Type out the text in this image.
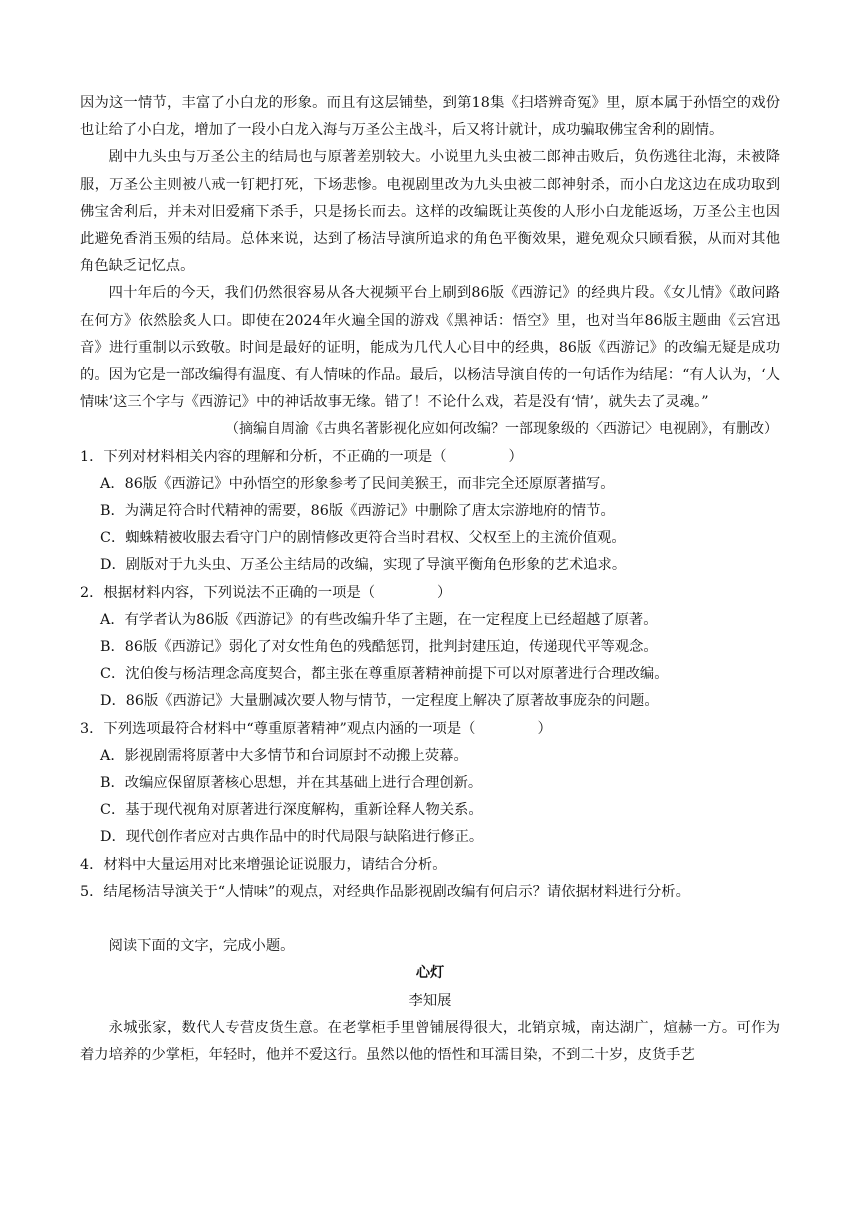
因为这一情节，丰富了小白龙的形象。而且有这层铺垫，到第18集《扫塔辨奇冤》里，原本属于孙悟空的戏份也让给了小白龙，增加了一段小白龙入海与万圣公主战斗，后又将计就计，成功骗取佛宝舍利的剧情。

剧中九头虫与万圣公主的结局也与原著差别较大。小说里九头虫被二郎神击败后，负伤逃往北海，未被降服，万圣公主则被八戒一钉耙打死，下场悲惨。电视剧里改为九头虫被二郎神射杀，而小白龙这边在成功取到佛宝舍利后，并未对旧爱痛下杀手，只是扬长而去。这样的改编既让英俊的人形小白龙能返场，万圣公主也因此避免香消玉殒的结局。总体来说，达到了杨洁导演所追求的角色平衡效果，避免观众只顾看猴，从而对其他角色缺乏记忆点。

四十年后的今天，我们仍然很容易从各大视频平台上刷到86版《西游记》的经典片段。《女儿情》《敢问路在何方》依然脍炙人口。即使在2024年火遍全国的游戏《黑神话：悟空》里，也对当年86版主题曲《云宫迅音》进行重制以示致敬。时间是最好的证明，能成为几代人心目中的经典，86版《西游记》的改编无疑是成功的。因为它是一部改编得有温度、有人情味的作品。最后，以杨洁导演自传的一句话作为结尾：“有人认为，‘人情味’这三个字与《西游记》中的神话故事无缘。错了！不论什么戏，若是没有‘情’，就失去了灵魂。”

（摘编自周渝《古典名著影视化应如何改编？一部现象级的〈西游记〉电视剧》，有删改）

1．下列对材料相关内容的理解和分析，不正确的一项是（	）

A．86版《西游记》中孙悟空的形象参考了民间美猴王，而非完全还原原著描写。

B．为满足符合时代精神的需要，86版《西游记》中删除了唐太宗游地府的情节。

C．蜘蛛精被收服去看守门户的剧情修改更符合当时君权、父权至上的主流价值观。

D．剧版对于九头虫、万圣公主结局的改编，实现了导演平衡角色形象的艺术追求。

2．根据材料内容，下列说法不正确的一项是（	）

A．有学者认为86版《西游记》的有些改编升华了主题，在一定程度上已经超越了原著。

B．86版《西游记》弱化了对女性角色的残酷惩罚，批判封建压迫，传递现代平等观念。

C．沈伯俊与杨洁理念高度契合，都主张在尊重原著精神前提下可以对原著进行合理改编。

D．86版《西游记》大量删减次要人物与情节，一定程度上解决了原著故事庞杂的问题。

3．下列选项最符合材料中“尊重原著精神”观点内涵的一项是（	）

A．影视剧需将原著中大多情节和台词原封不动搬上荧幕。

B．改编应保留原著核心思想，并在其基础上进行合理创新。

C．基于现代视角对原著进行深度解构，重新诠释人物关系。

D．现代创作者应对古典作品中的时代局限与缺陷进行修正。

4．材料中大量运用对比来增强论证说服力，请结合分析。

5．结尾杨洁导演关于“人情味”的观点，对经典作品影视剧改编有何启示？请依据材料进行分析。

阅读下面的文字，完成小题。

心灯

李知展

永城张家，数代人专营皮货生意。在老掌柜手里曾铺展得很大，北销京城，南达湖广，煊赫一方。可作为着力培养的少掌柜，年轻时，他并不爱这行。虽然以他的悟性和耳濡目染，不到二十岁，皮货手艺
